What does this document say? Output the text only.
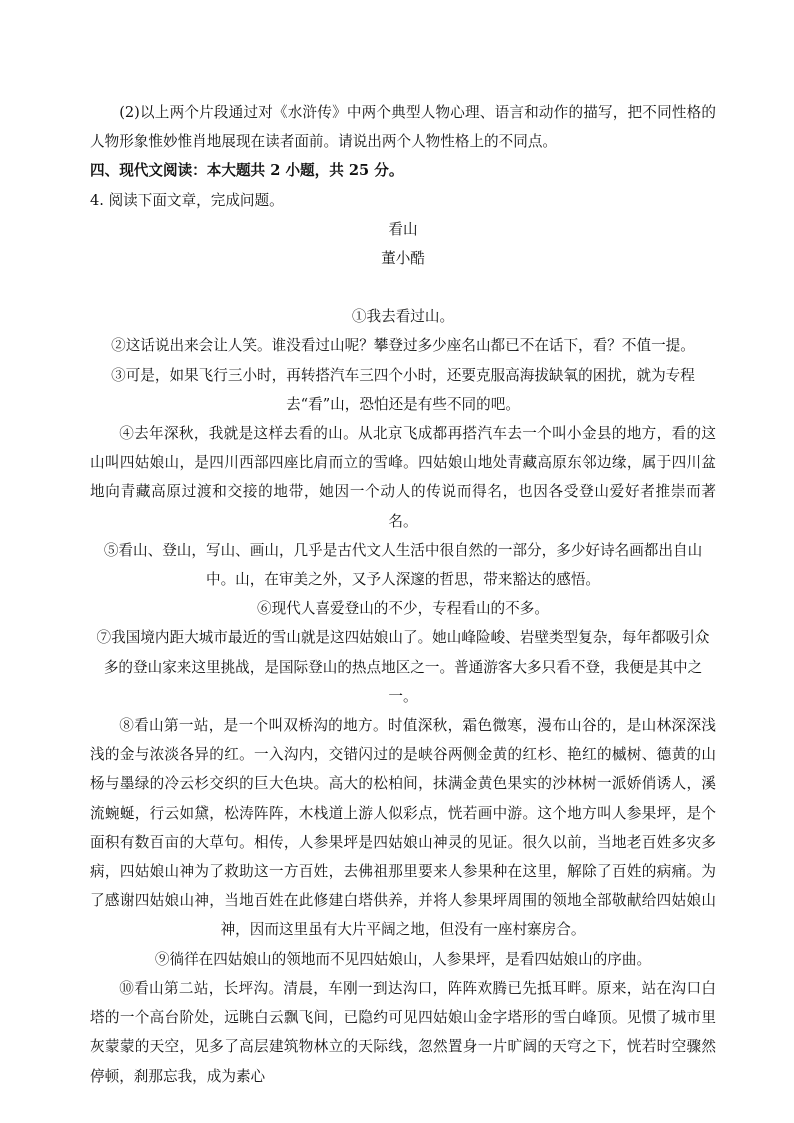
(2)以上两个片段通过对《水浒传》中两个典型人物心理、语言和动作的描写，把不同性格的人物形象惟妙惟肖地展现在读者面前。请说出两个人物性格上的不同点。

四、现代文阅读：本大题共 2 小题，共 25 分。

4. 阅读下面文章，完成问题。

看山

董小酷

①我去看过山。

②这话说出来会让人笑。谁没看过山呢？攀登过多少座名山都已不在话下，看？不值一提。

③可是，如果飞行三小时，再转搭汽车三四个小时，还要克服高海拔缺氧的困扰，就为专程去“看”山，恐怕还是有些不同的吧。

④去年深秋，我就是这样去看的山。从北京飞成都再搭汽车去一个叫小金县的地方，看的这山叫四姑娘山，是四川西部四座比肩而立的雪峰。四姑娘山地处青藏高原东邻边缘，属于四川盆地向青藏高原过渡和交接的地带，她因一个动人的传说而得名，也因各受登山爱好者推崇而著名。

⑤看山、登山，写山、画山，几乎是古代文人生活中很自然的一部分，多少好诗名画都出自山中。山，在审美之外，又予人深邃的哲思，带来豁达的感悟。

⑥现代人喜爱登山的不少，专程看山的不多。

⑦我国境内距大城市最近的雪山就是这四姑娘山了。她山峰险峻、岩壁类型复杂，每年都吸引众多的登山家来这里挑战，是国际登山的热点地区之一。普通游客大多只看不登，我便是其中之一。

⑧看山第一站，是一个叫双桥沟的地方。时值深秋，霜色微寒，漫布山谷的，是山林深深浅浅的金与浓淡各异的红。一入沟内，交错闪过的是峡谷两侧金黄的红杉、艳红的槭树、德黄的山杨与墨绿的冷云杉交织的巨大色块。高大的松柏间，抹满金黄色果实的沙林树一派娇俏诱人，溪流蜿蜒，行云如黛，松涛阵阵，木栈道上游人似彩点，恍若画中游。这个地方叫人参果坪，是个面积有数百亩的大草句。相传，人参果坪是四姑娘山神灵的见证。很久以前，当地老百姓多灾多病，四姑娘山神为了救助这一方百姓，去佛祖那里要来人参果种在这里，解除了百姓的病痛。为了感谢四姑娘山神，当地百姓在此修建白塔供养，并将人参果坪周围的领地全部敬献给四姑娘山神，因而这里虽有大片平阔之地，但没有一座村寨房合。

⑨徜徉在四姑娘山的领地而不见四姑娘山，人参果坪，是看四姑娘山的序曲。

⑩看山第二站，长坪沟。清晨，车刚一到达沟口，阵阵欢腾已先抵耳畔。原来，站在沟口白塔的一个高台阶处，远眺白云飘飞间，已隐约可见四姑娘山金字塔形的雪白峰顶。见惯了城市里灰蒙蒙的天空，见多了高层建筑物林立的天际线，忽然置身一片旷阔的天穹之下，恍若时空骤然停顿，刹那忘我，成为素心
